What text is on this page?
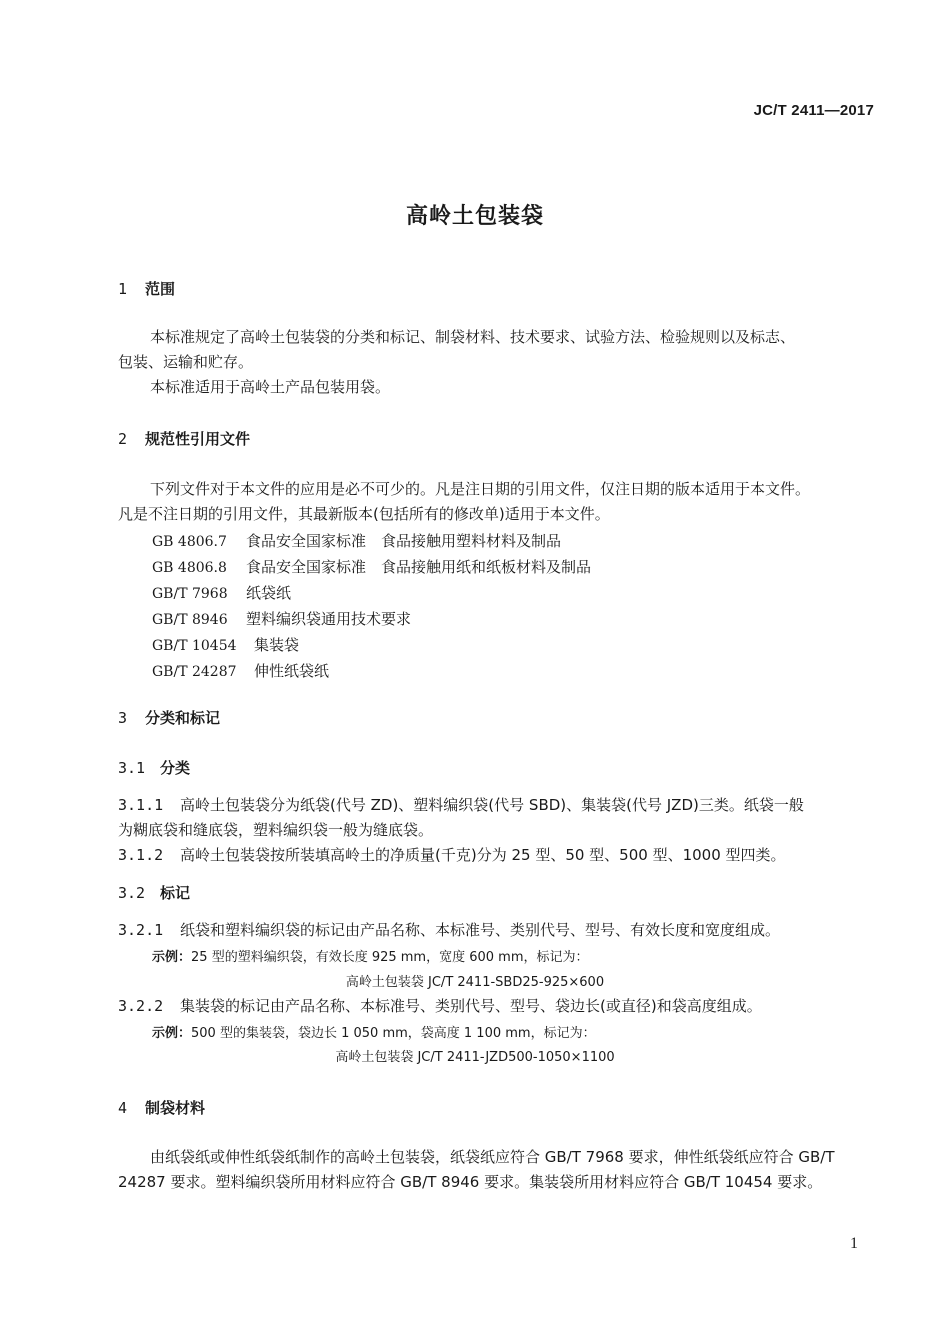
JC/T 2411—2017
高岭土包装袋
1 范围
本标准规定了高岭土包装袋的分类和标记、制袋材料、技术要求、试验方法、检验规则以及标志、
包装、运输和贮存。
本标准适用于高岭土产品包装用袋。
2 规范性引用文件
下列文件对于本文件的应用是必不可少的。凡是注日期的引用文件，仅注日期的版本适用于本文件。
凡是不注日期的引用文件，其最新版本(包括所有的修改单)适用于本文件。
GB 4806.7 食品安全国家标准　食品接触用塑料材料及制品
GB 4806.8 食品安全国家标准　食品接触用纸和纸板材料及制品
GB/T 7968 纸袋纸
GB/T 8946 塑料编织袋通用技术要求
GB/T 10454 集装袋
GB/T 24287 伸性纸袋纸
3 分类和标记
3.1 分类
3.1.1 高岭土包装袋分为纸袋(代号 ZD)、塑料编织袋(代号 SBD)、集装袋(代号 JZD)三类。纸袋一般
为糊底袋和缝底袋，塑料编织袋一般为缝底袋。
3.1.2 高岭土包装袋按所装填高岭土的净质量(千克)分为 25 型、50 型、500 型、1000 型四类。
3.2 标记
3.2.1 纸袋和塑料编织袋的标记由产品名称、本标准号、类别代号、型号、有效长度和宽度组成。
示例：25 型的塑料编织袋，有效长度 925 mm，宽度 600 mm，标记为：
高岭土包装袋 JC/T 2411-SBD25-925×600
3.2.2 集装袋的标记由产品名称、本标准号、类别代号、型号、袋边长(或直径)和袋高度组成。
示例：500 型的集装袋，袋边长 1 050 mm，袋高度 1 100 mm，标记为：
高岭土包装袋 JC/T 2411-JZD500-1050×1100
4 制袋材料
由纸袋纸或伸性纸袋纸制作的高岭土包装袋，纸袋纸应符合 GB/T 7968 要求，伸性纸袋纸应符合 GB/T
24287 要求。塑料编织袋所用材料应符合 GB/T 8946 要求。集装袋所用材料应符合 GB/T 10454 要求。
1
